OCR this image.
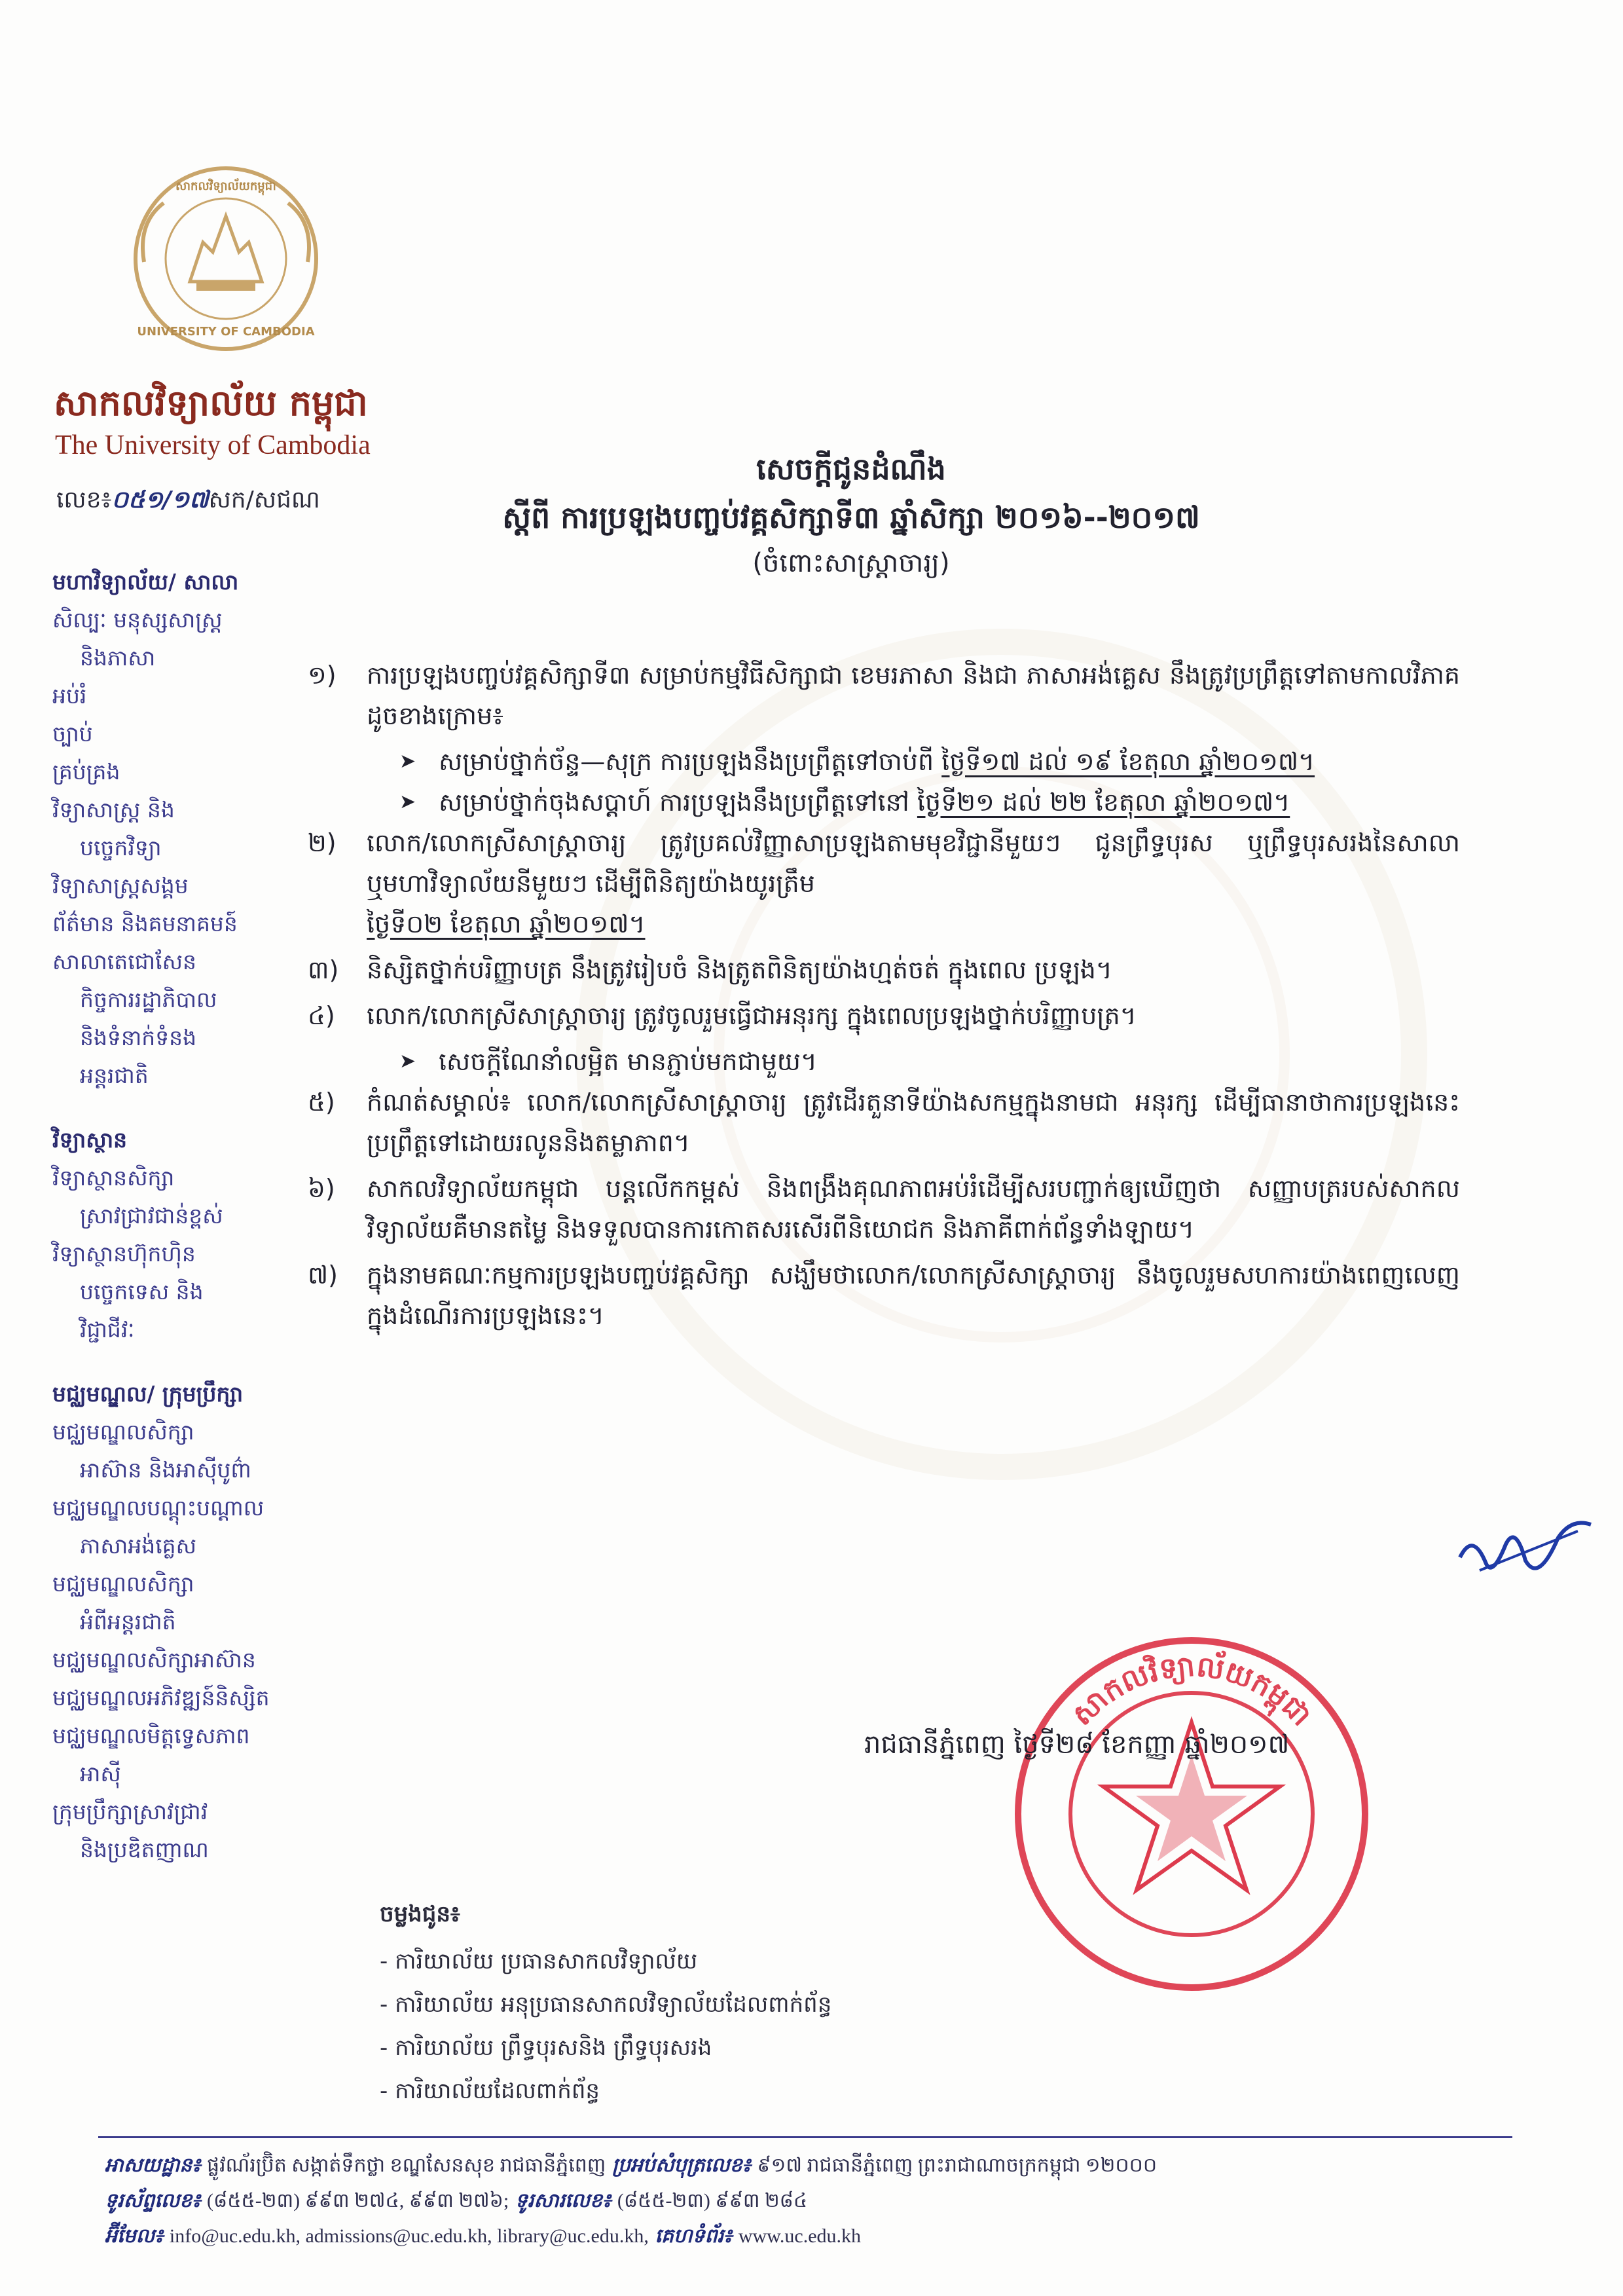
UNIVERSITY OF CAMBODIA
សាកលវិទ្យាល័យកម្ពុជា
សាកលវិទ្យាល័យ កម្ពុជា
The University of Cambodia
លេខ៖០៥១/១៧សក/សជណ
មហាវិទ្យាល័យ/ សាលា
សិល្បៈ មនុស្សសាស្ត្រ
និងភាសា
អប់រំ
ច្បាប់
គ្រប់គ្រង
វិទ្យាសាស្ត្រ និង
បច្ចេកវិទ្យា
វិទ្យាសាស្ត្រសង្គម
ព័ត៌មាន និងគមនាគមន៍
សាលាតេជោសែន
កិច្ចការរដ្ឋាភិបាល
និងទំនាក់ទំនង
អន្តរជាតិ
វិទ្យាស្ថាន
វិទ្យាស្ថានសិក្សា
ស្រាវជ្រាវជាន់ខ្ពស់
វិទ្យាស្ថានហ៊ុកហ៊ិន
បច្ចេកទេស និង
វិជ្ជាជីវៈ
មជ្ឈមណ្ឌល/ ក្រុមប្រឹក្សា
មជ្ឈមណ្ឌលសិក្សា
អាស៊ាន និងអាស៊ីបូព៌ា
មជ្ឈមណ្ឌលបណ្តុះបណ្តាល
ភាសាអង់គ្លេស
មជ្ឈមណ្ឌលសិក្សា
អំពីអន្តរជាតិ
មជ្ឈមណ្ឌលសិក្សាអាស៊ាន
មជ្ឈមណ្ឌលអភិវឌ្ឍន៍និស្សិត
មជ្ឈមណ្ឌលមិត្តទ្វេសភាព
អាស៊ី
ក្រុមប្រឹក្សាស្រាវជ្រាវ
និងប្រឌិតញាណ
សេចក្តីជូនដំណឹង
ស្តីពី ការប្រឡងបញ្ចប់វគ្គសិក្សាទី៣ ឆ្នាំសិក្សា ២០១៦--២០១៧
(ចំពោះសាស្ត្រាចារ្យ)
១)	ការប្រឡងបញ្ចប់វគ្គសិក្សាទី៣ សម្រាប់កម្មវិធីសិក្សាជា ខេមរភាសា និងជា ភាសាអង់គ្លេស នឹងត្រូវប្រព្រឹត្តទៅតាមកាលវិភាគដូចខាងក្រោម៖
➤ សម្រាប់ថ្នាក់ច័ន្ទ—សុក្រ ការប្រឡងនឹងប្រព្រឹត្តទៅចាប់ពី ថ្ងៃទី១៧ ដល់ ១៩ ខែតុលា ឆ្នាំ២០១៧។
➤ សម្រាប់ថ្នាក់ចុងសប្តាហ៍ ការប្រឡងនឹងប្រព្រឹត្តទៅនៅ ថ្ងៃទី២១ ដល់ ២២ ខែតុលា ឆ្នាំ២០១៧។
២)	លោក/លោកស្រីសាស្ត្រាចារ្យ ត្រូវប្រគល់វិញ្ញាសាប្រឡងតាមមុខវិជ្ជានីមួយៗ ជូនព្រឹទ្ធបុរស ឬព្រឹទ្ធបុរសរងនៃសាលា ឬមហាវិទ្យាល័យនីមួយៗ ដើម្បីពិនិត្យយ៉ាងយូរត្រឹម
ថ្ងៃទី០២ ខែតុលា ឆ្នាំ២០១៧។
៣)	និស្សិតថ្នាក់បរិញ្ញាបត្រ នឹងត្រូវរៀបចំ និងត្រូតពិនិត្យយ៉ាងហ្មត់ចត់ ក្នុងពេល ប្រឡង។
៤)	លោក/លោកស្រីសាស្ត្រាចារ្យ ត្រូវចូលរួមធ្វើជាអនុរក្ស ក្នុងពេលប្រឡងថ្នាក់បរិញ្ញាបត្រ។
➤ សេចក្តីណែនាំលម្អិត មានភ្ជាប់មកជាមួយ។
៥)	កំណត់សម្គាល់៖ លោក/លោកស្រីសាស្ត្រាចារ្យ ត្រូវដើរតួនាទីយ៉ាងសកម្មក្នុងនាមជា អនុរក្ស ដើម្បីធានាថាការប្រឡងនេះប្រព្រឹត្តទៅដោយរលូននិងតម្លាភាព។
៦)	សាកលវិទ្យាល័យកម្ពុជា បន្តលើកកម្ពស់ និងពង្រឹងគុណភាពអប់រំដើម្បីសរបញ្ជាក់ឲ្យឃើញថា សញ្ញាបត្ររបស់សាកលវិទ្យាល័យគឺមានតម្លៃ និងទទួលបានការកោតសរសើរពីនិយោជក និងភាគីពាក់ព័ន្ធទាំងឡាយ។
៧)	ក្នុងនាមគណៈកម្មការប្រឡងបញ្ចប់វគ្គសិក្សា សង្ឃឹមថាលោក/លោកស្រីសាស្ត្រាចារ្យ នឹងចូលរួមសហការយ៉ាងពេញលេញក្នុងដំណើរការប្រឡងនេះ។
សាកលវិទ្យាល័យកម្ពុជា
រាជធានីភ្នំពេញ ថ្ងៃទី២៨ ខែកញ្ញា ឆ្នាំ២០១៧
ចម្លងជូន៖
- ការិយាល័យ ប្រធានសាកលវិទ្យាល័យ
- ការិយាល័យ អនុប្រធានសាកលវិទ្យាល័យដែលពាក់ព័ន្ធ
- ការិយាល័យ ព្រឹទ្ធបុរសនិង ព្រឹទ្ធបុរសរង
- ការិយាល័យដែលពាក់ព័ន្ធ
អាសយដ្ឋាន៖ ផ្លូវណ័រប្រ៊ិត សង្កាត់ទឹកថ្លា ខណ្ឌសែនសុខ រាជធានីភ្នំពេញ ប្រអប់សំបុត្រលេខ៖ ៩១៧ រាជធានីភ្នំពេញ ព្រះរាជាណាចក្រកម្ពុជា ១២០០០
ទូរស័ព្ទលេខ៖ (៨៥៥-២៣) ៩៩៣ ២៧៤, ៩៩៣ ២៧៦; ទូរសារលេខ៖ (៨៥៥-២៣) ៩៩៣ ២៨៤
អ៊ីមែល៖ info@uc.edu.kh, admissions@uc.edu.kh, library@uc.edu.kh, គេហទំព័រ៖ www.uc.edu.kh
